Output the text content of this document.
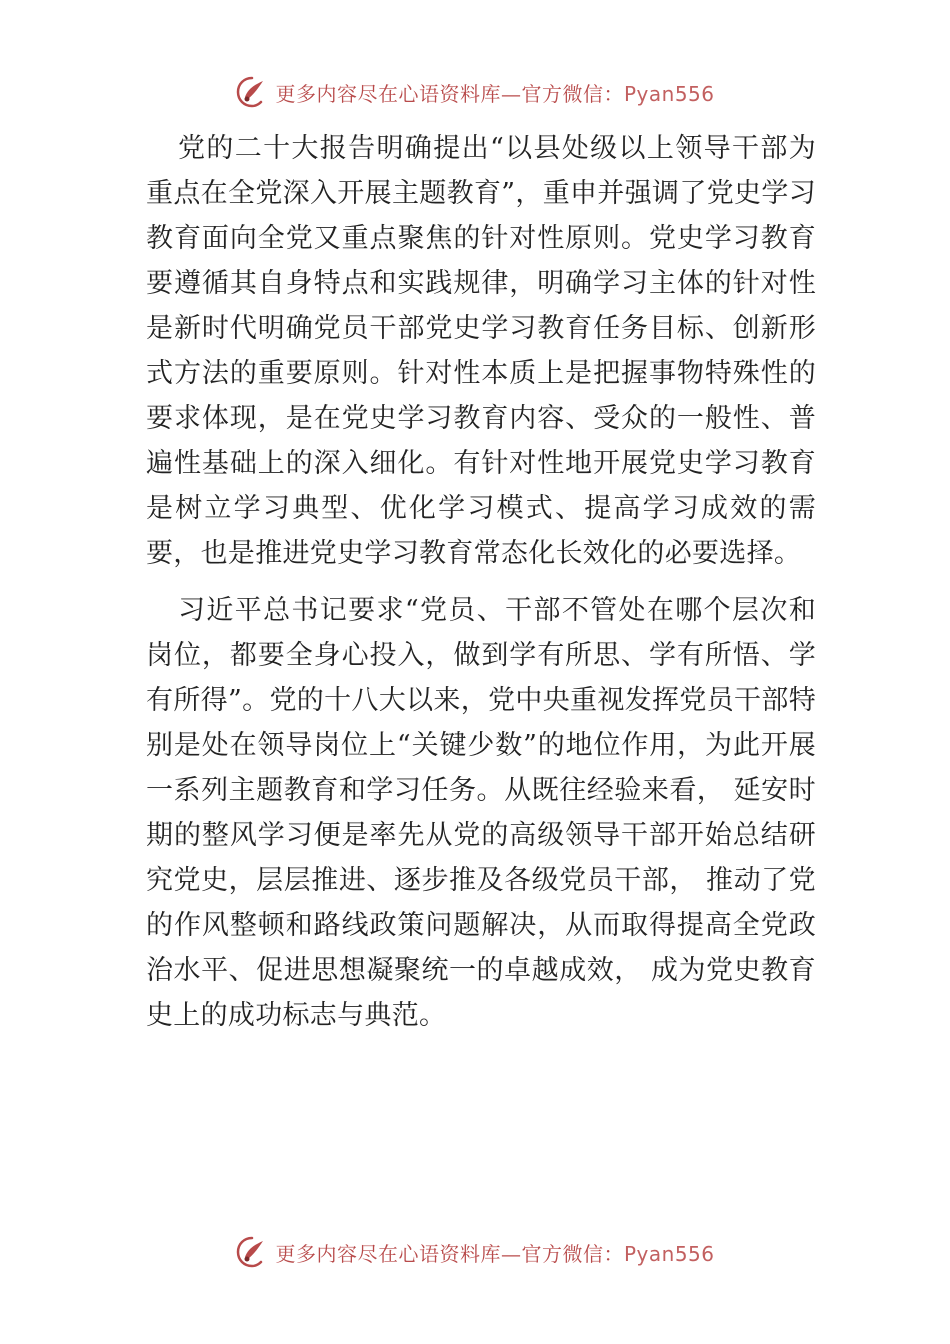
更多内容尽在心语资料库—官方微信：Pyan556

党的二十大报告明确提出“以县处级以上领导干部为重点在全党深入开展主题教育”，重申并强调了党史学习教育面向全党又重点聚焦的针对性原则。党史学习教育要遵循其自身特点和实践规律，明确学习主体的针对性是新时代明确党员干部党史学习教育任务目标、创新形式方法的重要原则。针对性本质上是把握事物特殊性的要求体现，是在党史学习教育内容、受众的一般性、普遍性基础上的深入细化。有针对性地开展党史学习教育是树立学习典型、优化学习模式、提高学习成效的需要，也是推进党史学习教育常态化长效化的必要选择。

习近平总书记要求“党员、干部不管处在哪个层次和岗位，都要全身心投入，做到学有所思、学有所悟、学有所得”。党的十八大以来，党中央重视发挥党员干部特别是处在领导岗位上“关键少数”的地位作用，为此开展一系列主题教育和学习任务。从既往经验来看， 延安时期的整风学习便是率先从党的高级领导干部开始总结研究党史，层层推进、逐步推及各级党员干部， 推动了党的作风整顿和路线政策问题解决，从而取得提高全党政治水平、促进思想凝聚统一的卓越成效， 成为党史教育史上的成功标志与典范。

更多内容尽在心语资料库—官方微信：Pyan556
